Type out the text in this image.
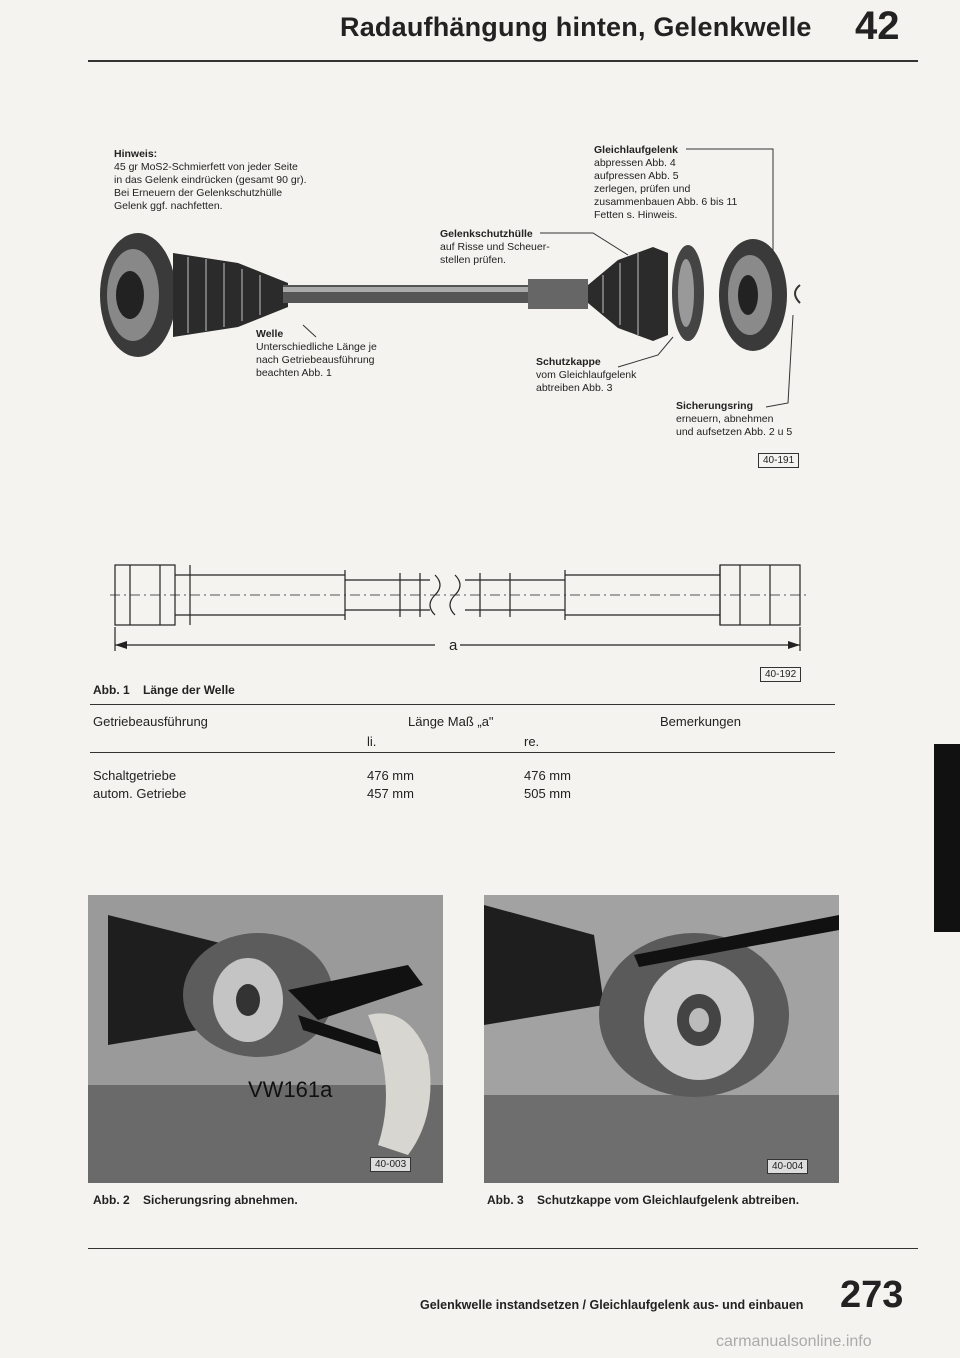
Radaufhängung hinten, Gelenkwelle 42
Hinweis:
45 gr MoS2-Schmierfett von jeder Seite
in das Gelenk eindrücken (gesamt 90 gr).
Bei Erneuern der Gelenkschutzhülle
Gelenk ggf. nachfetten.
Gleichlaufgelenk
abpressen Abb. 4
aufpressen Abb. 5
zerlegen, prüfen und
zusammenbauen Abb. 6 bis 11
Fetten s. Hinweis.
Gelenkschutzhülle
auf Risse und Scheuer-
stellen prüfen.
Welle
Unterschiedliche Länge je
nach Getriebeausführung
beachten Abb. 1
Schutzkappe
vom Gleichlaufgelenk
abtreiben Abb. 3
Sicherungsring
erneuern, abnehmen
und aufsetzen Abb. 2 u 5
40-191
a
40-192
Abb. 1 Länge der Welle
Getriebeausführung	Länge Maß „a"
li.	re.
Bemerkungen
Schaltgetriebe	476 mm	476 mm
autom. Getriebe	457 mm	505 mm
VW161a
40-003
Abb. 2 Sicherungsring abnehmen.
40-004
Abb. 3 Schutzkappe vom Gleichlaufgelenk abtreiben.
Gelenkwelle instandsetzen / Gleichlaufgelenk aus- und einbauen 273
carmanualsonline.info
